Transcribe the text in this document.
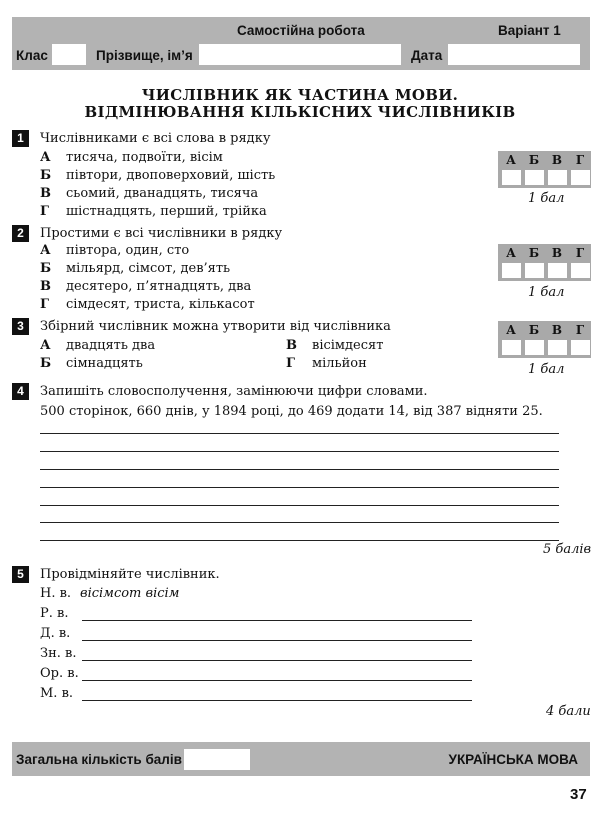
Самостійна робота	Варіант 1
Клас	Прізвище, ім’я	Дата
ЧИСЛІВНИК ЯК ЧАСТИНА МОВИ.
ВІДМІНЮВАННЯ КІЛЬКІСНИХ ЧИСЛІВНИКІВ
1	Числівниками є всі слова в рядку
А тисяча, подвоїти, вісім
Б півтори, двоповерховий, шість
В сьомий, дванадцять, тисяча
Г шістнадцять, перший, трійка
А	Б	В	Г
1 бал
2	Простими є всі числівники в рядку
А півтора, один, сто
Б мільярд, сімсот, дев’ять
В десятеро, п’ятнадцять, два
Г сімдесят, триста, кількасот
А	Б	В	Г
1 бал
3	Збірний числівник можна утворити від числівника
А двадцять два
Б сімнадцять
В вісімдесят
Г мільйон
А	Б	В	Г
1 бал
4	Запишіть словосполучення, замінюючи цифри словами.
500 сторінок, 660 днів, у 1894 році, до 469 додати 14, від 387 відняти 25.
5 балів
5	Провідміняйте числівник.
Н. в. вісімсот вісім
Р. в.
Д. в.
Зн. в.
Ор. в.
М. в.
4 бали
Загальна кількість балів	УКРАЇНСЬКА МОВА
37
